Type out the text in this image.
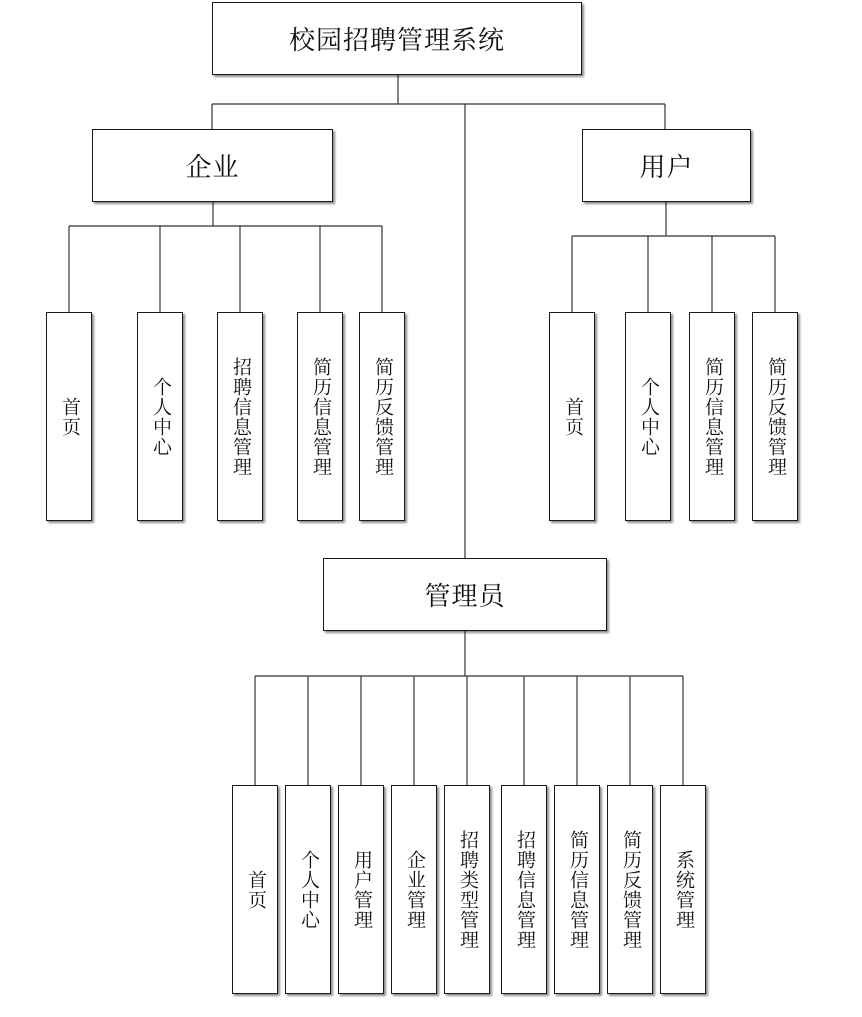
校园招聘管理系统
企业
首页	个人中心	招聘信息管理	简历信息管理 简历反馈管理
用户
首页	个人中心 简历信息管理 简历反馈管理
管理员
首页 个人中心 用户管理 企业管理 招聘类型管理 招聘信息管理 简历信息管理 简历反馈管理 系统管理
